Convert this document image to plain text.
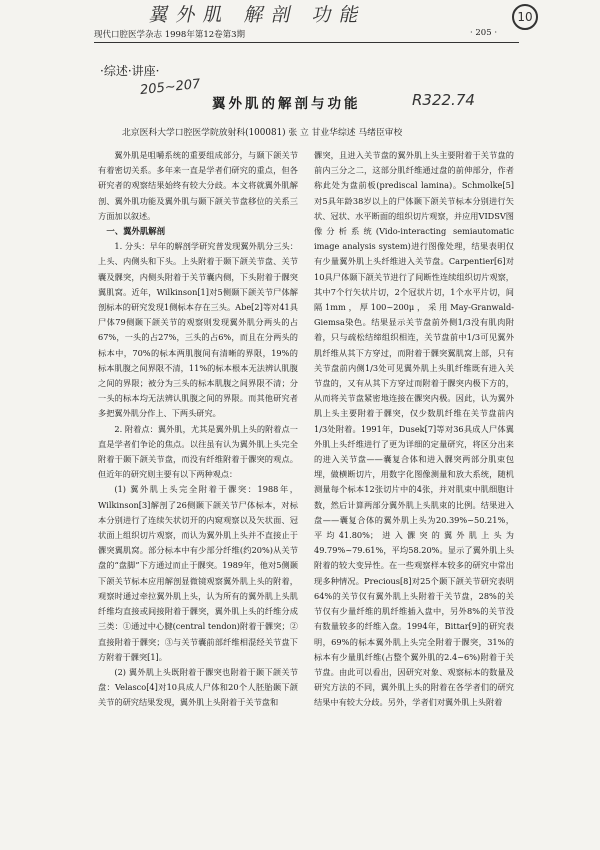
翼外肌 解剖 功能	10
现代口腔医学杂志 1998年第12卷第3期	· 205 ·
·综述·讲座·
205~207
翼外肌的解剖与功能	R322.74
北京医科大学口腔医学院放射科(100081) 张 立 甘业华综述 马绪臣审校

翼外肌是咀嚼系统的重要组成部分，与颞下颌关节有着密切关系。多年来一直是学者们研究的重点，但各研究者的观察结果始终有较大分歧。本文将就翼外肌解剖、翼外肌功能及翼外肌与颞下颌关节盘移位的关系三方面加以叙述。

一、翼外肌解剖

1. 分头：早年的解剖学研究普发现翼外肌分三头：上头、内侧头和下头。上头附着于颞下颌关节盘、关节囊及髁突，内侧头附着于关节囊内侧，下头附着于髁突翼肌窝。近年，Wilkinson[1]对5侧颞下颌关节尸体解剖标本的研究发现1侧标本存在三头。Abe[2]等对41具尸体79侧颞下颌关节的观察则发现翼外肌分两头的占67%，一头的占27%，三头的占6%，而且在分两头的标本中，70%的标本两肌腹间有清晰的界限，19%的标本肌腹之间界限不清，11%的标本根本无法辨认肌腹之间的界限；被分为三头的标本肌腹之间界限不清；分一头的标本均无法辨认肌腹之间的界限。而其他研究者多把翼外肌分作上、下两头研究。

2. 附着点：翼外肌，尤其是翼外肌上头的附着点一直是学者们争论的焦点。以往虽有认为翼外肌上头完全附着于颞下颌关节盘，而没有纤维附着于髁突的观点。但近年的研究则主要有以下两种观点：

(1) 翼外肌上头完全附着于髁突：1988年，Wilkinson[3]解剖了26侧颞下颌关节尸体标本，对标本分别进行了连续矢状切开的内窥观察以及矢状面、冠状面上组织切片观察，而认为翼外肌上头并不直接止于髁突翼肌窝。部分标本中有少部分纤维(约20%)从关节盘的“盘脚”下方通过而止于髁突。1989年，他对5侧颞下颌关节标本应用解剖显微镜观察翼外肌上头的附着，观察时通过牵拉翼外肌上头，认为所有的翼外肌上头肌纤维均直接或间接附着于髁突，翼外肌上头的纤维分成三类：①通过中心腱(central tendon)附着于髁突；②直接附着于髁突；③与关节囊前部纤维相混经关节盘下方附着于髁突[1]。

(2) 翼外肌上头既附着于髁突也附着于颞下颌关节盘：Velasco[4]对10具成人尸体和20个人胚胎颞下颌关节的研究结果发现，翼外肌上头附着于关节盘和

髁突，且进入关节盘的翼外肌上头主要附着于关节盘的前内三分之二，这部分肌纤维通过盘的前伸部分，作者称此处为盘前板(prediscal lamina)。Schmolke[5]对5具年龄38岁以上的尸体颞下颌关节标本分别进行矢状、冠状、水平断面的组织切片观察，并应用VIDSV图像分析系统(Vido-interacting semiautomatic image analysis system)进行图像处理，结果表明仅有少量翼外肌上头纤维进入关节盘。Carpentier[6]对10具尸体颞下颌关节进行了间断性连续组织切片观察，其中7个行矢状片切，2个冠状片切，1个水平片切，间隔1mm，厚100~200μ，采用May-Granwald-Giemsa染色。结果显示关节盘前外侧1/3没有肌肉附着，只与疏松结缔组织相连，关节盘前中1/3可见翼外肌纤维从其下方穿过，而附着于髁突翼肌窝上部，只有关节盘前内侧1/3处可见翼外肌上头肌纤维既有进入关节盘的，又有从其下方穿过而附着于髁突内极下方的，从而将关节盘紧密地连接在髁突内极。因此，认为翼外肌上头主要附着于髁突，仅少数肌纤维在关节盘前内1/3处附着。1991年，Dusek[7]等对36具成人尸体翼外肌上头纤维进行了更为详细的定量研究，将区分出来的进入关节盘——囊复合体和进入髁突两部分肌束包埋，做横断切片，用数字化图像测量和放大系统，随机测量每个标本12张切片中的4张，并对肌束中肌细胞计数，然后计算两部分翼外肌上头肌束的比例。结果进入盘——囊复合体的翼外肌上头为20.39%~50.21%，平均41.80%；进入髁突的翼外肌上头为49.79%~79.61%，平均58.20%。显示了翼外肌上头附着的较大变异性。在一些观察样本较多的研究中常出现多种情况。Precious[8]对25个颞下颌关节研究表明64%的关节仅有翼外肌上头附着于关节盘，28%的关节仅有少量纤维的肌纤维插入盘中，另外8%的关节没有数量较多的纤维入盘。1994年，Bittar[9]的研究表明，69%的标本翼外肌上头完全附着于髁突，31%的标本有少量肌纤维(占整个翼外肌的2.4~6%)附着于关节盘。由此可以看出，因研究对象、观察标本的数量及研究方法的不同，翼外肌上头的附着在各学者们的研究结果中有较大分歧。另外，学者们对翼外肌上头附着
